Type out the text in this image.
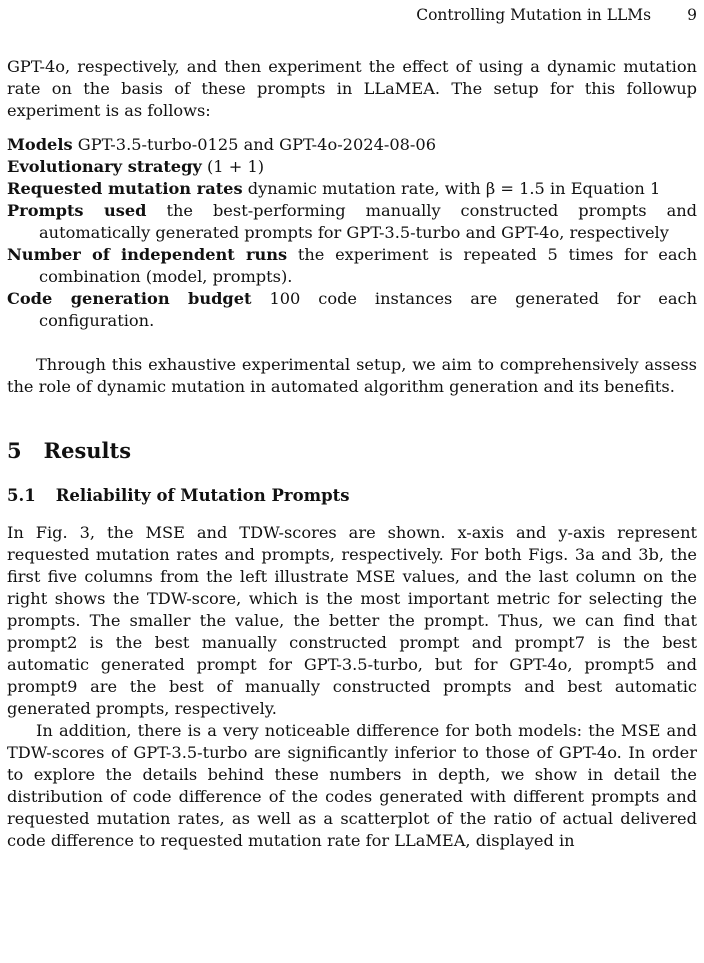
Controlling Mutation in LLMs 9

GPT-4o, respectively, and then experiment the effect of using a dynamic mutation rate on the basis of these prompts in LLaMEA. The setup for this followup experiment is as follows:

Models GPT-3.5-turbo-0125 and GPT-4o-2024-08-06
Evolutionary strategy (1 + 1)
Requested mutation rates dynamic mutation rate, with β = 1.5 in Equation 1
Prompts used the best-performing manually constructed prompts and automatically generated prompts for GPT-3.5-turbo and GPT-4o, respectively
Number of independent runs the experiment is repeated 5 times for each combination (model, prompts).
Code generation budget 100 code instances are generated for each configuration.

Through this exhaustive experimental setup, we aim to comprehensively assess the role of dynamic mutation in automated algorithm generation and its benefits.

5 Results
5.1 Reliability of Mutation Prompts

In Fig. 3, the MSE and TDW-scores are shown. x-axis and y-axis represent requested mutation rates and prompts, respectively. For both Figs. 3a and 3b, the first five columns from the left illustrate MSE values, and the last column on the right shows the TDW-score, which is the most important metric for selecting the prompts. The smaller the value, the better the prompt. Thus, we can find that prompt2 is the best manually constructed prompt and prompt7 is the best automatic generated prompt for GPT-3.5-turbo, but for GPT-4o, prompt5 and prompt9 are the best of manually constructed prompts and best automatic generated prompts, respectively.

In addition, there is a very noticeable difference for both models: the MSE and TDW-scores of GPT-3.5-turbo are significantly inferior to those of GPT-4o. In order to explore the details behind these numbers in depth, we show in detail the distribution of code difference of the codes generated with different prompts and requested mutation rates, as well as a scatterplot of the ratio of actual delivered code difference to requested mutation rate for LLaMEA, displayed in
